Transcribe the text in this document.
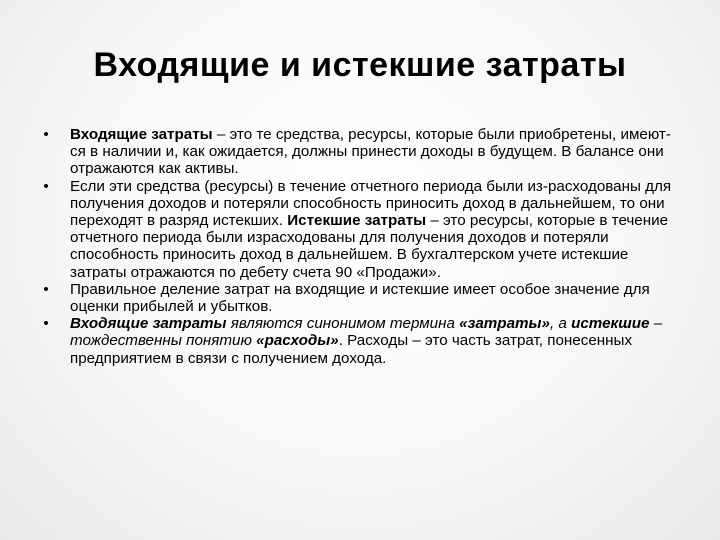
Входящие и истекшие затраты
•	Входящие затраты – это те средства, ресурсы, которые были приобретены, имеют-ся в наличии и, как ожидается, должны принести доходы в будущем. В балансе они отражаются как активы.
•	Если эти средства (ресурсы) в течение отчетного периода были из-расходованы для получения доходов и потеряли способность приносить доход в дальнейшем, то они переходят в разряд истекших. Истекшие затраты – это ресурсы, которые в течение отчетного периода были израсходованы для получения доходов и потеряли способность приносить доход в дальнейшем. В бухгалтерском учете истекшие затраты отражаются по дебету счета 90 «Продажи».
•	Правильное деление затрат на входящие и истекшие имеет особое значение для оценки прибылей и убытков.
•	Входящие затраты являются синонимом термина «затраты», а истекшие – тождественны понятию «расходы». Расходы – это часть затрат, понесенных предприятием в связи с получением дохода.
